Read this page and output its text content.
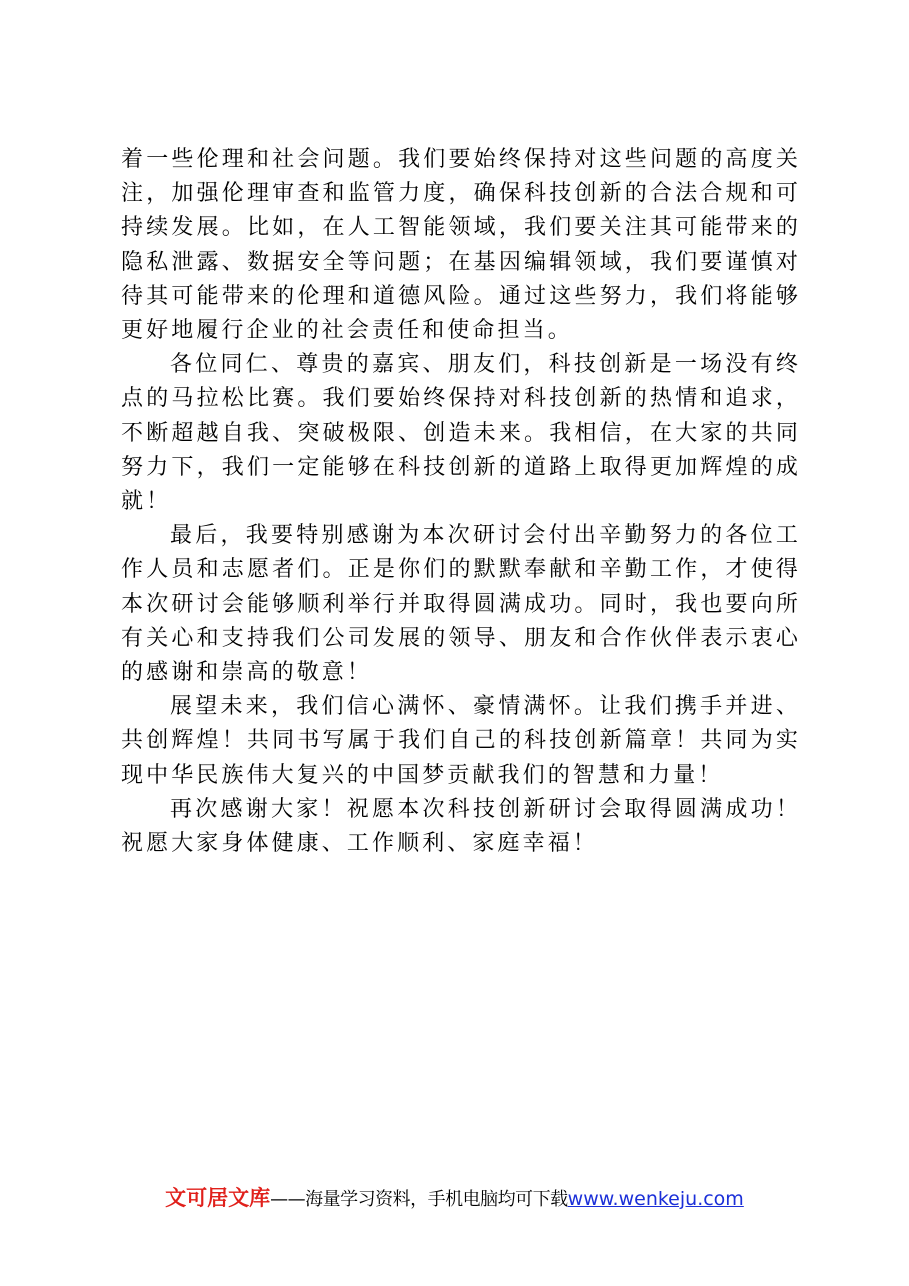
着一些伦理和社会问题。我们要始终保持对这些问题的高度关注，加强伦理审查和监管力度，确保科技创新的合法合规和可持续发展。比如，在人工智能领域，我们要关注其可能带来的隐私泄露、数据安全等问题；在基因编辑领域，我们要谨慎对待其可能带来的伦理和道德风险。通过这些努力，我们将能够更好地履行企业的社会责任和使命担当。

各位同仁、尊贵的嘉宾、朋友们，科技创新是一场没有终点的马拉松比赛。我们要始终保持对科技创新的热情和追求，不断超越自我、突破极限、创造未来。我相信，在大家的共同努力下，我们一定能够在科技创新的道路上取得更加辉煌的成就！

最后，我要特别感谢为本次研讨会付出辛勤努力的各位工作人员和志愿者们。正是你们的默默奉献和辛勤工作，才使得本次研讨会能够顺利举行并取得圆满成功。同时，我也要向所有关心和支持我们公司发展的领导、朋友和合作伙伴表示衷心的感谢和崇高的敬意！

展望未来，我们信心满怀、豪情满怀。让我们携手并进、共创辉煌！共同书写属于我们自己的科技创新篇章！共同为实现中华民族伟大复兴的中国梦贡献我们的智慧和力量！

再次感谢大家！祝愿本次科技创新研讨会取得圆满成功！祝愿大家身体健康、工作顺利、家庭幸福！

文可居文库——海量学习资料，手机电脑均可下载www.wenkeju.com
